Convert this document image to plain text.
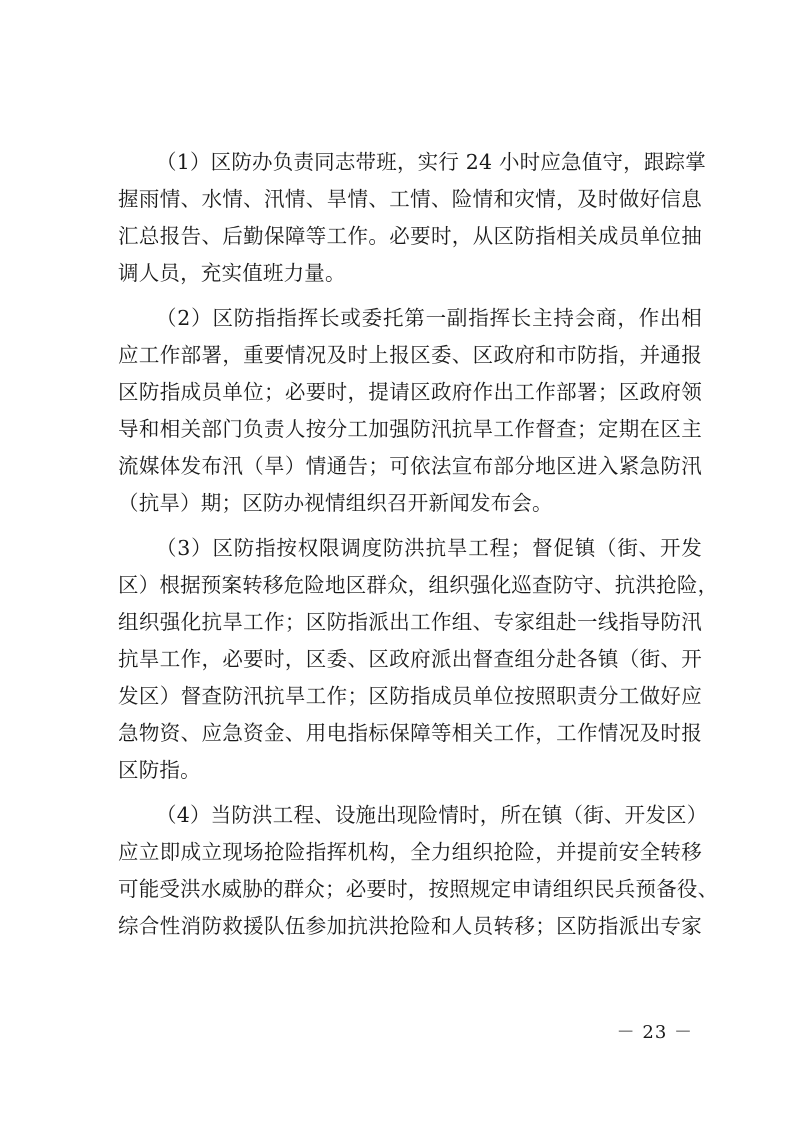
（1）区防办负责同志带班，实行 24 小时应急值守，跟踪掌
握雨情、水情、汛情、旱情、工情、险情和灾情，及时做好信息
汇总报告、后勤保障等工作。必要时，从区防指相关成员单位抽
调人员，充实值班力量。
（2）区防指指挥长或委托第一副指挥长主持会商，作出相
应工作部署，重要情况及时上报区委、区政府和市防指，并通报
区防指成员单位；必要时，提请区政府作出工作部署；区政府领
导和相关部门负责人按分工加强防汛抗旱工作督查；定期在区主
流媒体发布汛（旱）情通告；可依法宣布部分地区进入紧急防汛
（抗旱）期；区防办视情组织召开新闻发布会。
（3）区防指按权限调度防洪抗旱工程；督促镇（街、开发
区）根据预案转移危险地区群众，组织强化巡查防守、抗洪抢险，
组织强化抗旱工作；区防指派出工作组、专家组赴一线指导防汛
抗旱工作，必要时，区委、区政府派出督查组分赴各镇（街、开
发区）督查防汛抗旱工作；区防指成员单位按照职责分工做好应
急物资、应急资金、用电指标保障等相关工作，工作情况及时报
区防指。
（4）当防洪工程、设施出现险情时，所在镇（街、开发区）
应立即成立现场抢险指挥机构，全力组织抢险，并提前安全转移
可能受洪水威胁的群众；必要时，按照规定申请组织民兵预备役、
综合性消防救援队伍参加抗洪抢险和人员转移；区防指派出专家
－ 23 －
